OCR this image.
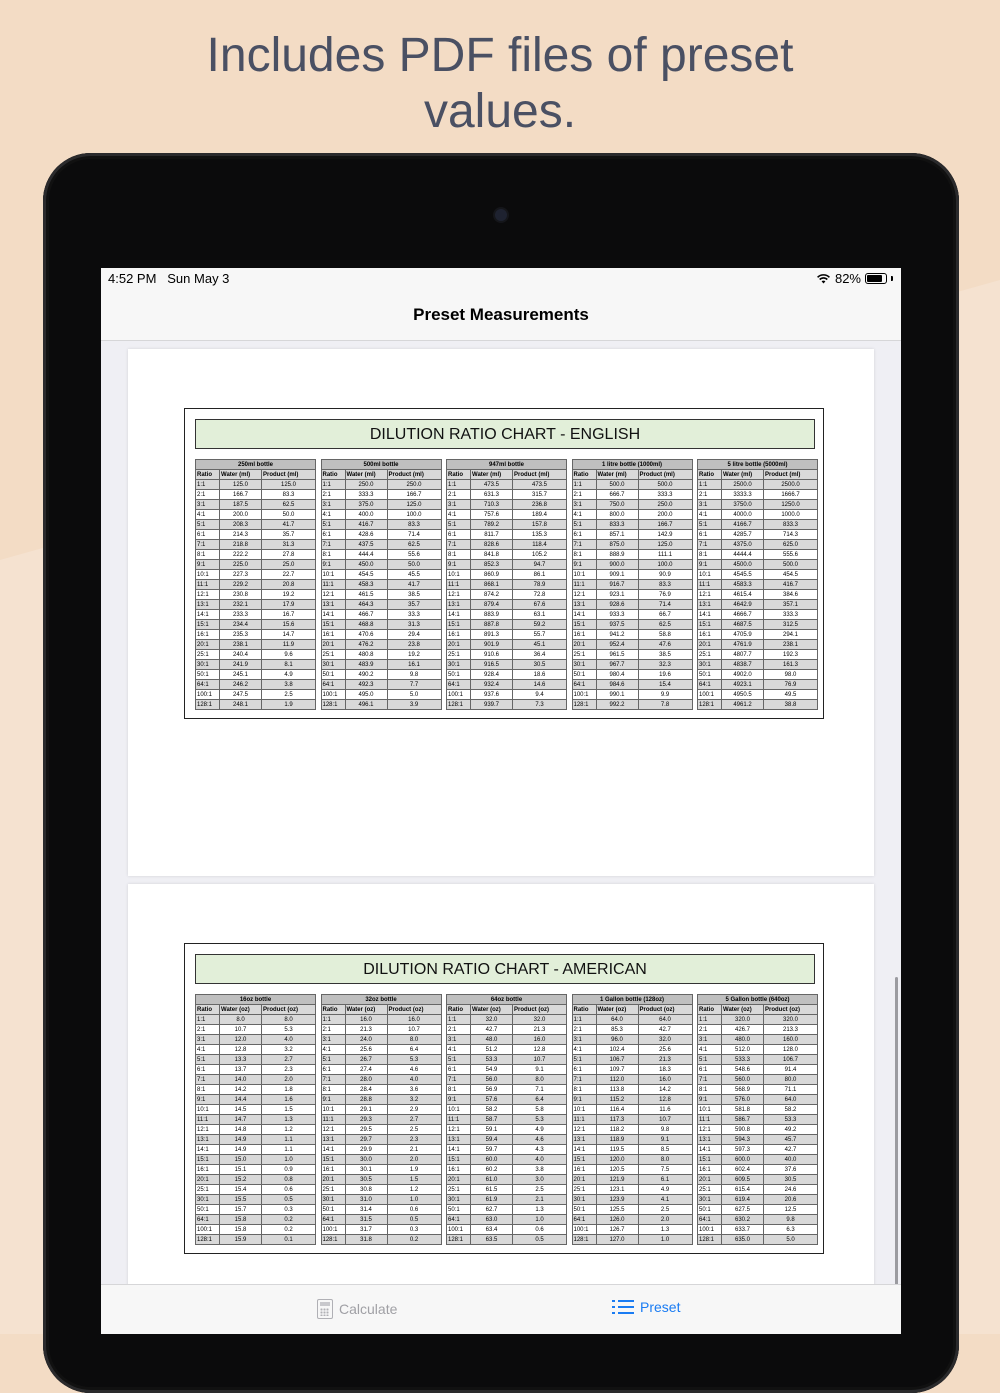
Includes PDF files of preset
values.
4:52 PM Sun May 3	82%
Preset Measurements
DILUTION RATIO CHART - ENGLISH
250ml bottle		
Ratio	Water (ml)	Product (ml)
1:1	125.0	125.0
2:1	166.7	83.3
3:1	187.5	62.5
4:1	200.0	50.0
5:1	208.3	41.7
6:1	214.3	35.7
7:1	218.8	31.3
8:1	222.2	27.8
9:1	225.0	25.0
10:1	227.3	22.7
11:1	229.2	20.8
12:1	230.8	19.2
13:1	232.1	17.9
14:1	233.3	16.7
15:1	234.4	15.6
16:1	235.3	14.7
20:1	238.1	11.9
25:1	240.4	9.6
30:1	241.9	8.1
50:1	245.1	4.9
64:1	246.2	3.8
100:1	247.5	2.5
128:1	248.1	1.9
500ml bottle		
Ratio	Water (ml)	Product (ml)
1:1	250.0	250.0
2:1	333.3	166.7
3:1	375.0	125.0
4:1	400.0	100.0
5:1	416.7	83.3
6:1	428.6	71.4
7:1	437.5	62.5
8:1	444.4	55.6
9:1	450.0	50.0
10:1	454.5	45.5
11:1	458.3	41.7
12:1	461.5	38.5
13:1	464.3	35.7
14:1	466.7	33.3
15:1	468.8	31.3
16:1	470.6	29.4
20:1	476.2	23.8
25:1	480.8	19.2
30:1	483.9	16.1
50:1	490.2	9.8
64:1	492.3	7.7
100:1	495.0	5.0
128:1	496.1	3.9
947ml bottle		
Ratio	Water (ml)	Product (ml)
1:1	473.5	473.5
2:1	631.3	315.7
3:1	710.3	236.8
4:1	757.6	189.4
5:1	789.2	157.8
6:1	811.7	135.3
7:1	828.6	118.4
8:1	841.8	105.2
9:1	852.3	94.7
10:1	860.9	86.1
11:1	868.1	78.9
12:1	874.2	72.8
13:1	879.4	67.6
14:1	883.9	63.1
15:1	887.8	59.2
16:1	891.3	55.7
20:1	901.9	45.1
25:1	910.6	36.4
30:1	916.5	30.5
50:1	928.4	18.6
64:1	932.4	14.6
100:1	937.6	9.4
128:1	939.7	7.3
1 litre bottle (1000ml)		
Ratio	Water (ml)	Product (ml)
1:1	500.0	500.0
2:1	666.7	333.3
3:1	750.0	250.0
4:1	800.0	200.0
5:1	833.3	166.7
6:1	857.1	142.9
7:1	875.0	125.0
8:1	888.9	111.1
9:1	900.0	100.0
10:1	909.1	90.9
11:1	916.7	83.3
12:1	923.1	76.9
13:1	928.6	71.4
14:1	933.3	66.7
15:1	937.5	62.5
16:1	941.2	58.8
20:1	952.4	47.6
25:1	961.5	38.5
30:1	967.7	32.3
50:1	980.4	19.6
64:1	984.6	15.4
100:1	990.1	9.9
128:1	992.2	7.8
5 litre bottle (5000ml)		
Ratio	Water (ml)	Product (ml)
1:1	2500.0	2500.0
2:1	3333.3	1666.7
3:1	3750.0	1250.0
4:1	4000.0	1000.0
5:1	4166.7	833.3
6:1	4285.7	714.3
7:1	4375.0	625.0
8:1	4444.4	555.6
9:1	4500.0	500.0
10:1	4545.5	454.5
11:1	4583.3	416.7
12:1	4615.4	384.6
13:1	4642.9	357.1
14:1	4666.7	333.3
15:1	4687.5	312.5
16:1	4705.9	294.1
20:1	4761.9	238.1
25:1	4807.7	192.3
30:1	4838.7	161.3
50:1	4902.0	98.0
64:1	4923.1	76.9
100:1	4950.5	49.5
128:1	4961.2	38.8
DILUTION RATIO CHART - AMERICAN
16oz bottle		
Ratio	Water (oz)	Product (oz)
1:1	8.0	8.0
2:1	10.7	5.3
3:1	12.0	4.0
4:1	12.8	3.2
5:1	13.3	2.7
6:1	13.7	2.3
7:1	14.0	2.0
8:1	14.2	1.8
9:1	14.4	1.6
10:1	14.5	1.5
11:1	14.7	1.3
12:1	14.8	1.2
13:1	14.9	1.1
14:1	14.9	1.1
15:1	15.0	1.0
16:1	15.1	0.9
20:1	15.2	0.8
25:1	15.4	0.6
30:1	15.5	0.5
50:1	15.7	0.3
64:1	15.8	0.2
100:1	15.8	0.2
128:1	15.9	0.1
32oz bottle		
Ratio	Water (oz)	Product (oz)
1:1	16.0	16.0
2:1	21.3	10.7
3:1	24.0	8.0
4:1	25.6	6.4
5:1	26.7	5.3
6:1	27.4	4.6
7:1	28.0	4.0
8:1	28.4	3.6
9:1	28.8	3.2
10:1	29.1	2.9
11:1	29.3	2.7
12:1	29.5	2.5
13:1	29.7	2.3
14:1	29.9	2.1
15:1	30.0	2.0
16:1	30.1	1.9
20:1	30.5	1.5
25:1	30.8	1.2
30:1	31.0	1.0
50:1	31.4	0.6
64:1	31.5	0.5
100:1	31.7	0.3
128:1	31.8	0.2
64oz bottle		
Ratio	Water (oz)	Product (oz)
1:1	32.0	32.0
2:1	42.7	21.3
3:1	48.0	16.0
4:1	51.2	12.8
5:1	53.3	10.7
6:1	54.9	9.1
7:1	56.0	8.0
8:1	56.9	7.1
9:1	57.6	6.4
10:1	58.2	5.8
11:1	58.7	5.3
12:1	59.1	4.9
13:1	59.4	4.6
14:1	59.7	4.3
15:1	60.0	4.0
16:1	60.2	3.8
20:1	61.0	3.0
25:1	61.5	2.5
30:1	61.9	2.1
50:1	62.7	1.3
64:1	63.0	1.0
100:1	63.4	0.6
128:1	63.5	0.5
1 Gallon bottle (128oz)		
Ratio	Water (oz)	Product (oz)
1:1	64.0	64.0
2:1	85.3	42.7
3:1	96.0	32.0
4:1	102.4	25.6
5:1	106.7	21.3
6:1	109.7	18.3
7:1	112.0	16.0
8:1	113.8	14.2
9:1	115.2	12.8
10:1	116.4	11.6
11:1	117.3	10.7
12:1	118.2	9.8
13:1	118.9	9.1
14:1	119.5	8.5
15:1	120.0	8.0
16:1	120.5	7.5
20:1	121.9	6.1
25:1	123.1	4.9
30:1	123.9	4.1
50:1	125.5	2.5
64:1	126.0	2.0
100:1	126.7	1.3
128:1	127.0	1.0
5 Gallon bottle (640oz)		
Ratio	Water (oz)	Product (oz)
1:1	320.0	320.0
2:1	426.7	213.3
3:1	480.0	160.0
4:1	512.0	128.0
5:1	533.3	106.7
6:1	548.6	91.4
7:1	560.0	80.0
8:1	568.9	71.1
9:1	576.0	64.0
10:1	581.8	58.2
11:1	586.7	53.3
12:1	590.8	49.2
13:1	594.3	45.7
14:1	597.3	42.7
15:1	600.0	40.0
16:1	602.4	37.6
20:1	609.5	30.5
25:1	615.4	24.6
30:1	619.4	20.6
50:1	627.5	12.5
64:1	630.2	9.8
100:1	633.7	6.3
128:1	635.0	5.0
Calculate	Preset
